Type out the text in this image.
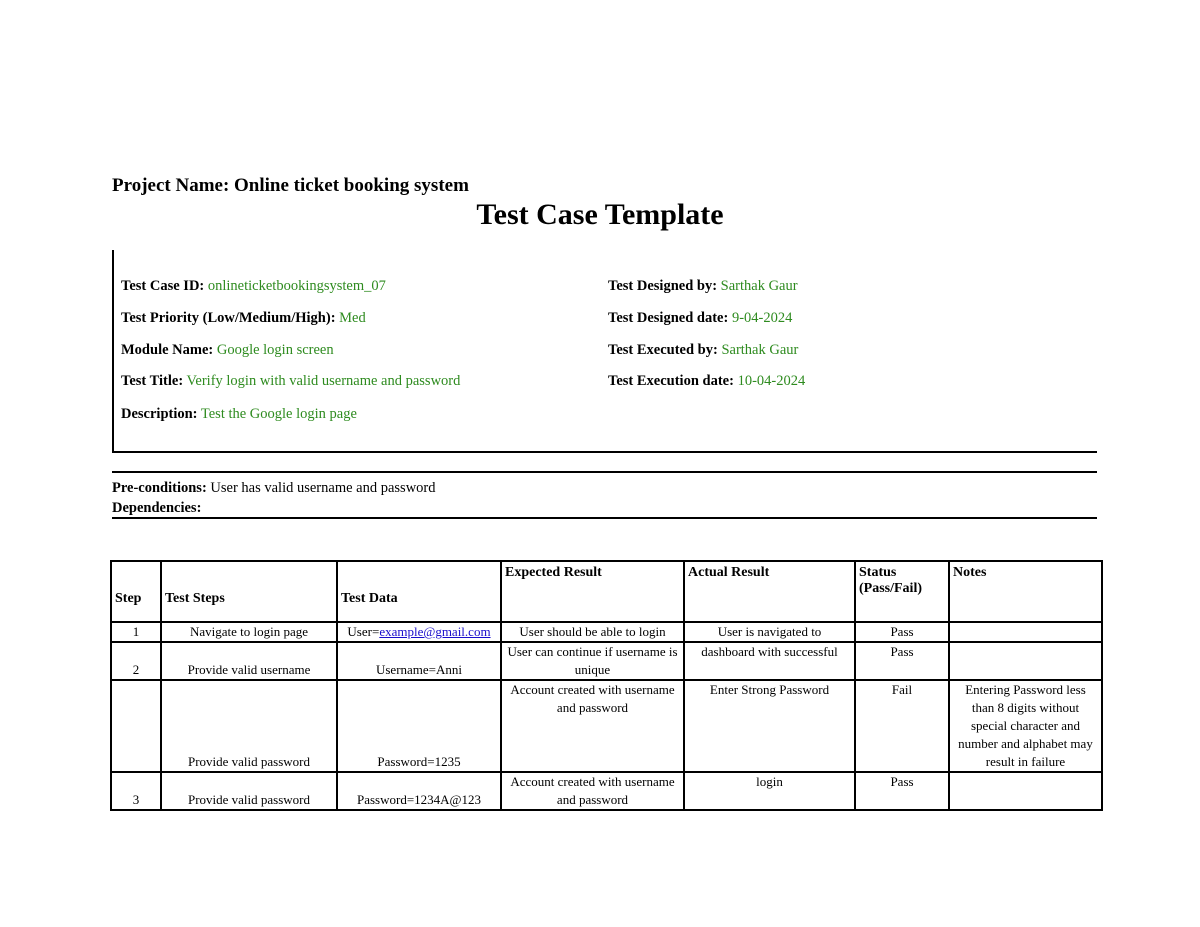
Project Name: Online ticket booking system
Test Case Template
Test Case ID: onlineticketbookingsystem_07
Test Priority (Low/Medium/High): Med
Module Name: Google login screen
Test Title: Verify login with valid username and password
Description: Test the Google login page
Test Designed by: Sarthak Gaur
Test Designed date: 9-04-2024
Test Executed by: Sarthak Gaur
Test Execution date: 10-04-2024
Pre-conditions: User has valid username and password
Dependencies:
Step	Test Steps	Test Data	Expected Result	Actual Result	Status (Pass/Fail)	Notes
1	Navigate to login page	User=example@gmail.com	User should be able to login	User is navigated to	Pass	
2	Provide valid username	Username=Anni	User can continue if username is unique	dashboard with successful	Pass	
	Provide valid password	Password=1235	Account created with username and password	Enter Strong Password	Fail	Entering Password less than 8 digits without special character and number and alphabet may result in failure
3	Provide valid password	Password=1234A@123	Account created with username and password	login	Pass	
